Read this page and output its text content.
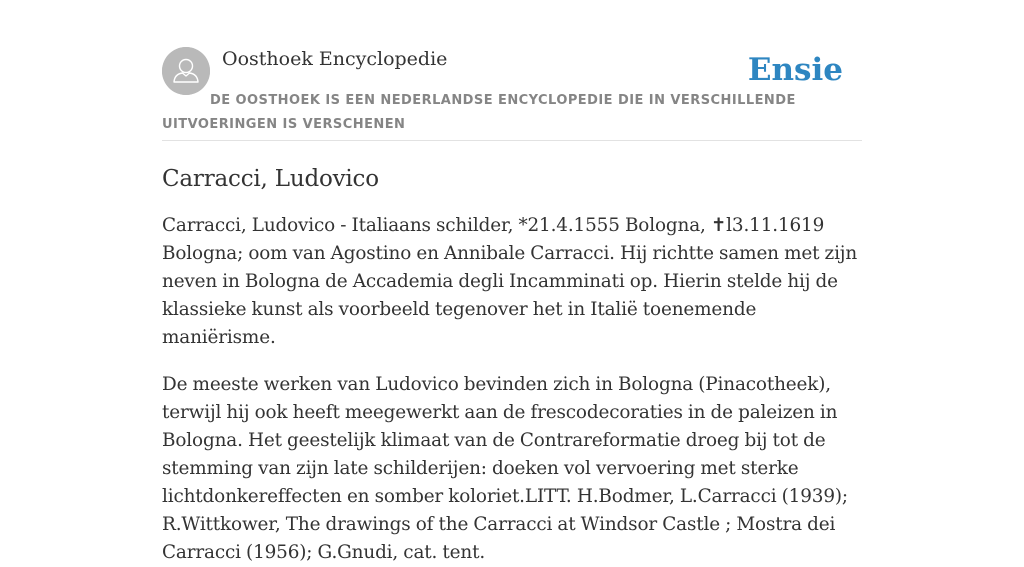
Oosthoek Encyclopedie	Ensie
DE OOSTHOEK IS EEN NEDERLANDSE ENCYCLOPEDIE DIE IN VERSCHILLENDE UITVOERINGEN IS VERSCHENEN
Carracci, Ludovico

Carracci, Ludovico - Italiaans schilder, *21.4.1555 Bologna, ✝l3.11.1619 Bologna; oom van Agostino en Annibale Carracci. Hij richtte samen met zijn neven in Bologna de Accademia degli Incamminati op. Hierin stelde hij de klassieke kunst als voorbeeld tegenover het in Italië toenemende maniërisme.

De meeste werken van Ludovico bevinden zich in Bologna (Pinacotheek), terwijl hij ook heeft meegewerkt aan de frescodecoraties in de paleizen in Bologna. Het geestelijk klimaat van de Contrareformatie droeg bij tot de stemming van zijn late schilderijen: doeken vol vervoering met sterke lichtdonkereffecten en somber koloriet.LITT. H.Bodmer, L.Carracci (1939); R.Wittkower, The drawings of the Carracci at Windsor Castle ; Mostra dei Carracci (1956); G.Gnudi, cat. tent.
